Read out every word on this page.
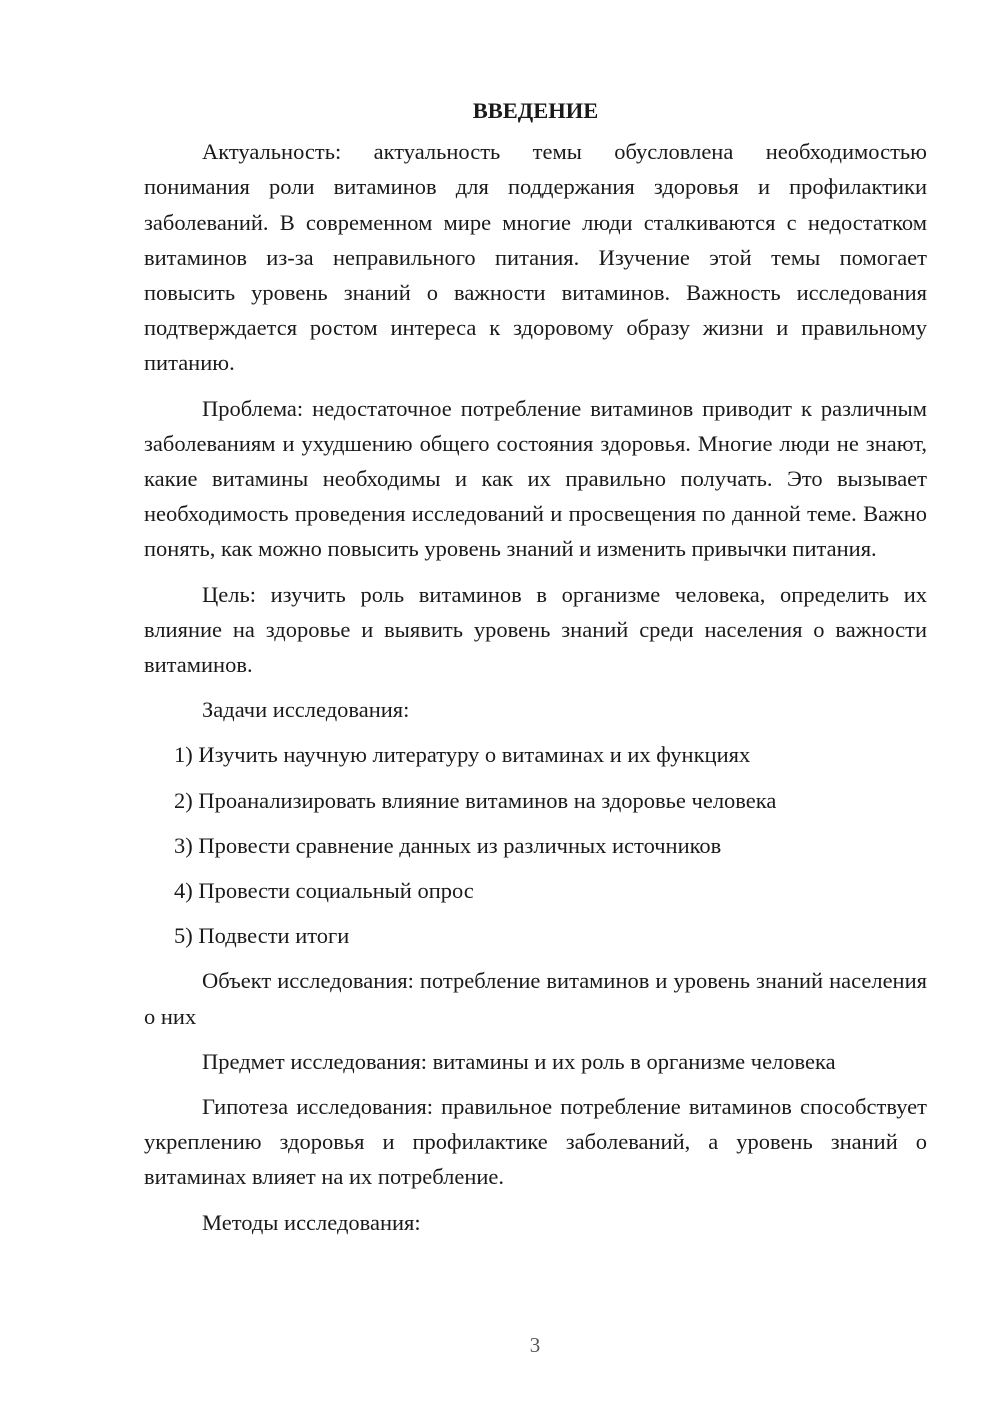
ВВЕДЕНИЕ

Актуальность: актуальность темы обусловлена необходимостью понимания роли витаминов для поддержания здоровья и профилактики заболеваний. В современном мире многие люди сталкиваются с недостатком витаминов из-за неправильного питания. Изучение этой темы помогает повысить уровень знаний о важности витаминов. Важность исследования подтверждается ростом интереса к здоровому образу жизни и правильному питанию.

Проблема: недостаточное потребление витаминов приводит к различным заболеваниям и ухудшению общего состояния здоровья. Многие люди не знают, какие витамины необходимы и как их правильно получать. Это вызывает необходимость проведения исследований и просвещения по данной теме. Важно понять, как можно повысить уровень знаний и изменить привычки питания.

Цель: изучить роль витаминов в организме человека, определить их влияние на здоровье и выявить уровень знаний среди населения о важности витаминов.

Задачи исследования:

1) Изучить научную литературу о витаминах и их функциях
2) Проанализировать влияние витаминов на здоровье человека
3) Провести сравнение данных из различных источников
4) Провести социальный опрос
5) Подвести итоги

Объект исследования: потребление витаминов и уровень знаний населения о них

Предмет исследования: витамины и их роль в организме человека

Гипотеза исследования: правильное потребление витаминов способствует укреплению здоровья и профилактике заболеваний, а уровень знаний о витаминах влияет на их потребление.

Методы исследования:

3
